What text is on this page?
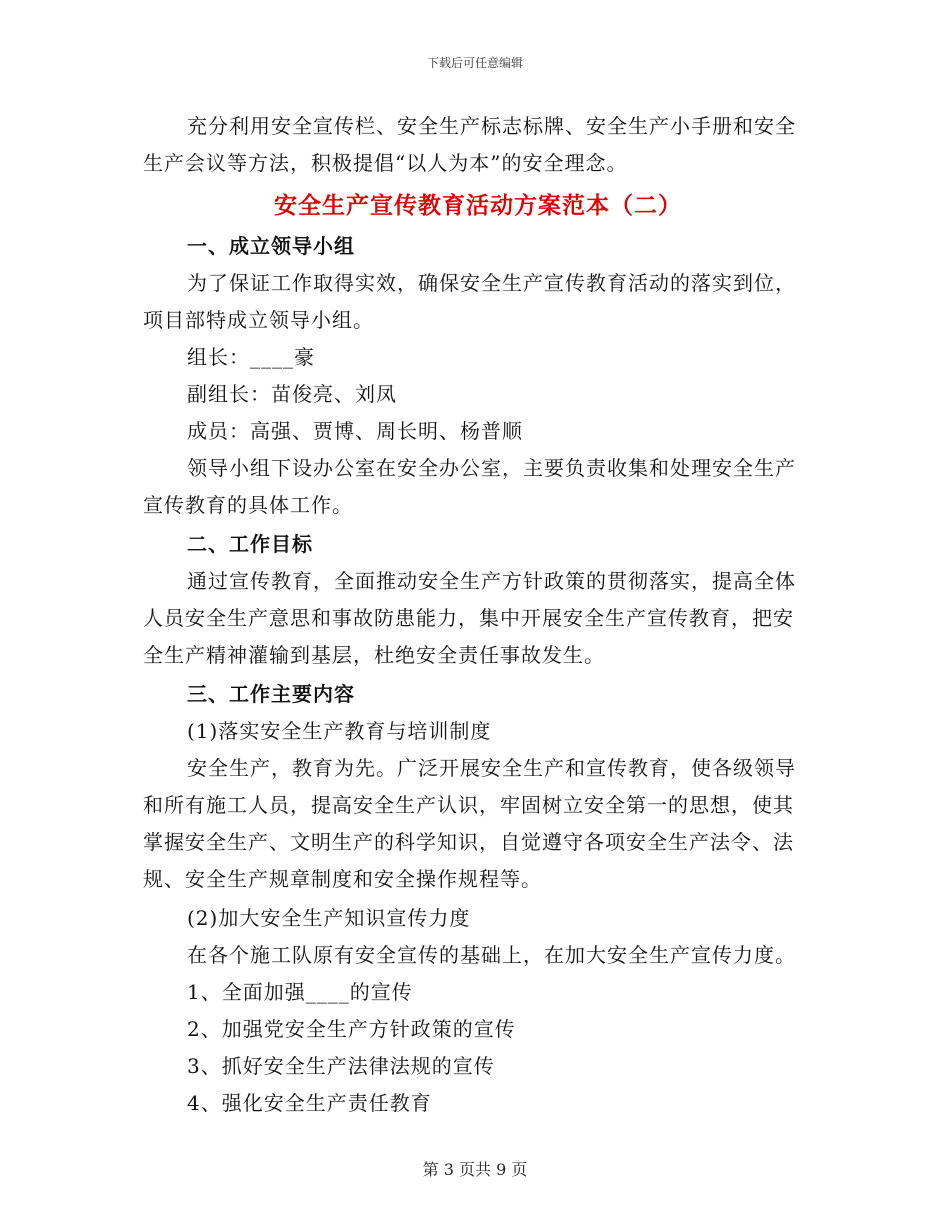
下载后可任意编辑

充分利用安全宣传栏、安全生产标志标牌、安全生产小手册和安全生产会议等方法，积极提倡“以人为本”的安全理念。

安全生产宣传教育活动方案范本（二）

一、成立领导小组

为了保证工作取得实效，确保安全生产宣传教育活动的落实到位，项目部特成立领导小组。

组长：____豪

副组长：苗俊亮、刘凤

成员：高强、贾博、周长明、杨普顺

领导小组下设办公室在安全办公室，主要负责收集和处理安全生产宣传教育的具体工作。

二、工作目标

通过宣传教育，全面推动安全生产方针政策的贯彻落实，提高全体人员安全生产意思和事故防患能力，集中开展安全生产宣传教育，把安全生产精神灌输到基层，杜绝安全责任事故发生。

三、工作主要内容

(1)落实安全生产教育与培训制度

安全生产，教育为先。广泛开展安全生产和宣传教育，使各级领导和所有施工人员，提高安全生产认识，牢固树立安全第一的思想，使其掌握安全生产、文明生产的科学知识，自觉遵守各项安全生产法令、法规、安全生产规章制度和安全操作规程等。

(2)加大安全生产知识宣传力度

在各个施工队原有安全宣传的基础上，在加大安全生产宣传力度。

1、全面加强____的宣传

2、加强党安全生产方针政策的宣传

3、抓好安全生产法律法规的宣传

4、强化安全生产责任教育

第 3 页共 9 页
